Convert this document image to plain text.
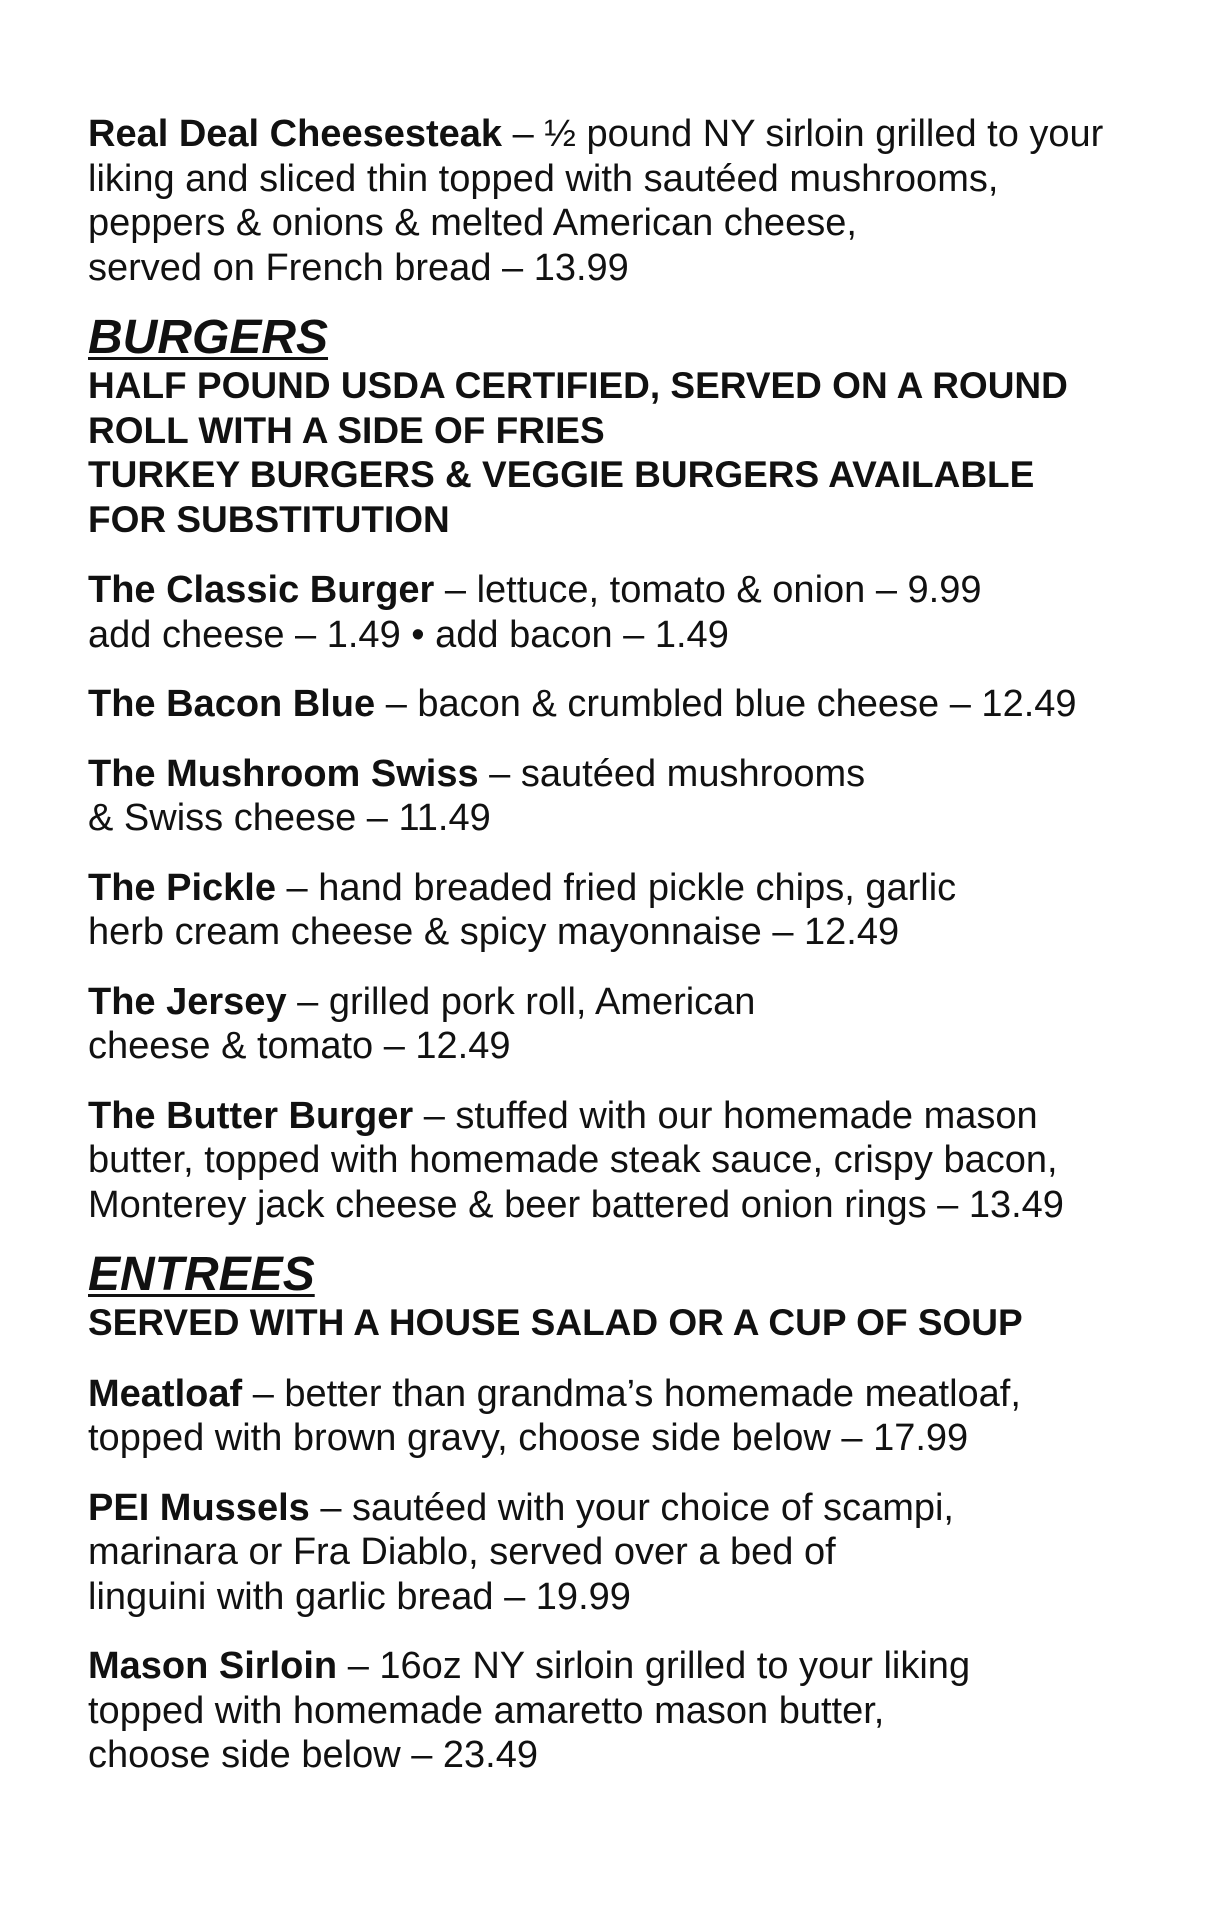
Real Deal Cheesesteak – ½ pound NY sirloin grilled to your
liking and sliced thin topped with sautéed mushrooms,
peppers & onions & melted American cheese,
served on French bread – 13.99
BURGERS
HALF POUND USDA CERTIFIED, SERVED ON A ROUND
ROLL WITH A SIDE OF FRIES
TURKEY BURGERS & VEGGIE BURGERS AVAILABLE
FOR SUBSTITUTION
The Classic Burger – lettuce, tomato & onion – 9.99
add cheese – 1.49 • add bacon – 1.49
The Bacon Blue – bacon & crumbled blue cheese – 12.49
The Mushroom Swiss – sautéed mushrooms
& Swiss cheese – 11.49
The Pickle – hand breaded fried pickle chips, garlic
herb cream cheese & spicy mayonnaise – 12.49
The Jersey – grilled pork roll, American
cheese & tomato – 12.49
The Butter Burger – stuffed with our homemade mason
butter, topped with homemade steak sauce, crispy bacon,
Monterey jack cheese & beer battered onion rings – 13.49
ENTREES
SERVED WITH A HOUSE SALAD OR A CUP OF SOUP
Meatloaf – better than grandma’s homemade meatloaf,
topped with brown gravy, choose side below – 17.99
PEI Mussels – sautéed with your choice of scampi,
marinara or Fra Diablo, served over a bed of
linguini with garlic bread – 19.99
Mason Sirloin – 16oz NY sirloin grilled to your liking
topped with homemade amaretto mason butter,
choose side below – 23.49
